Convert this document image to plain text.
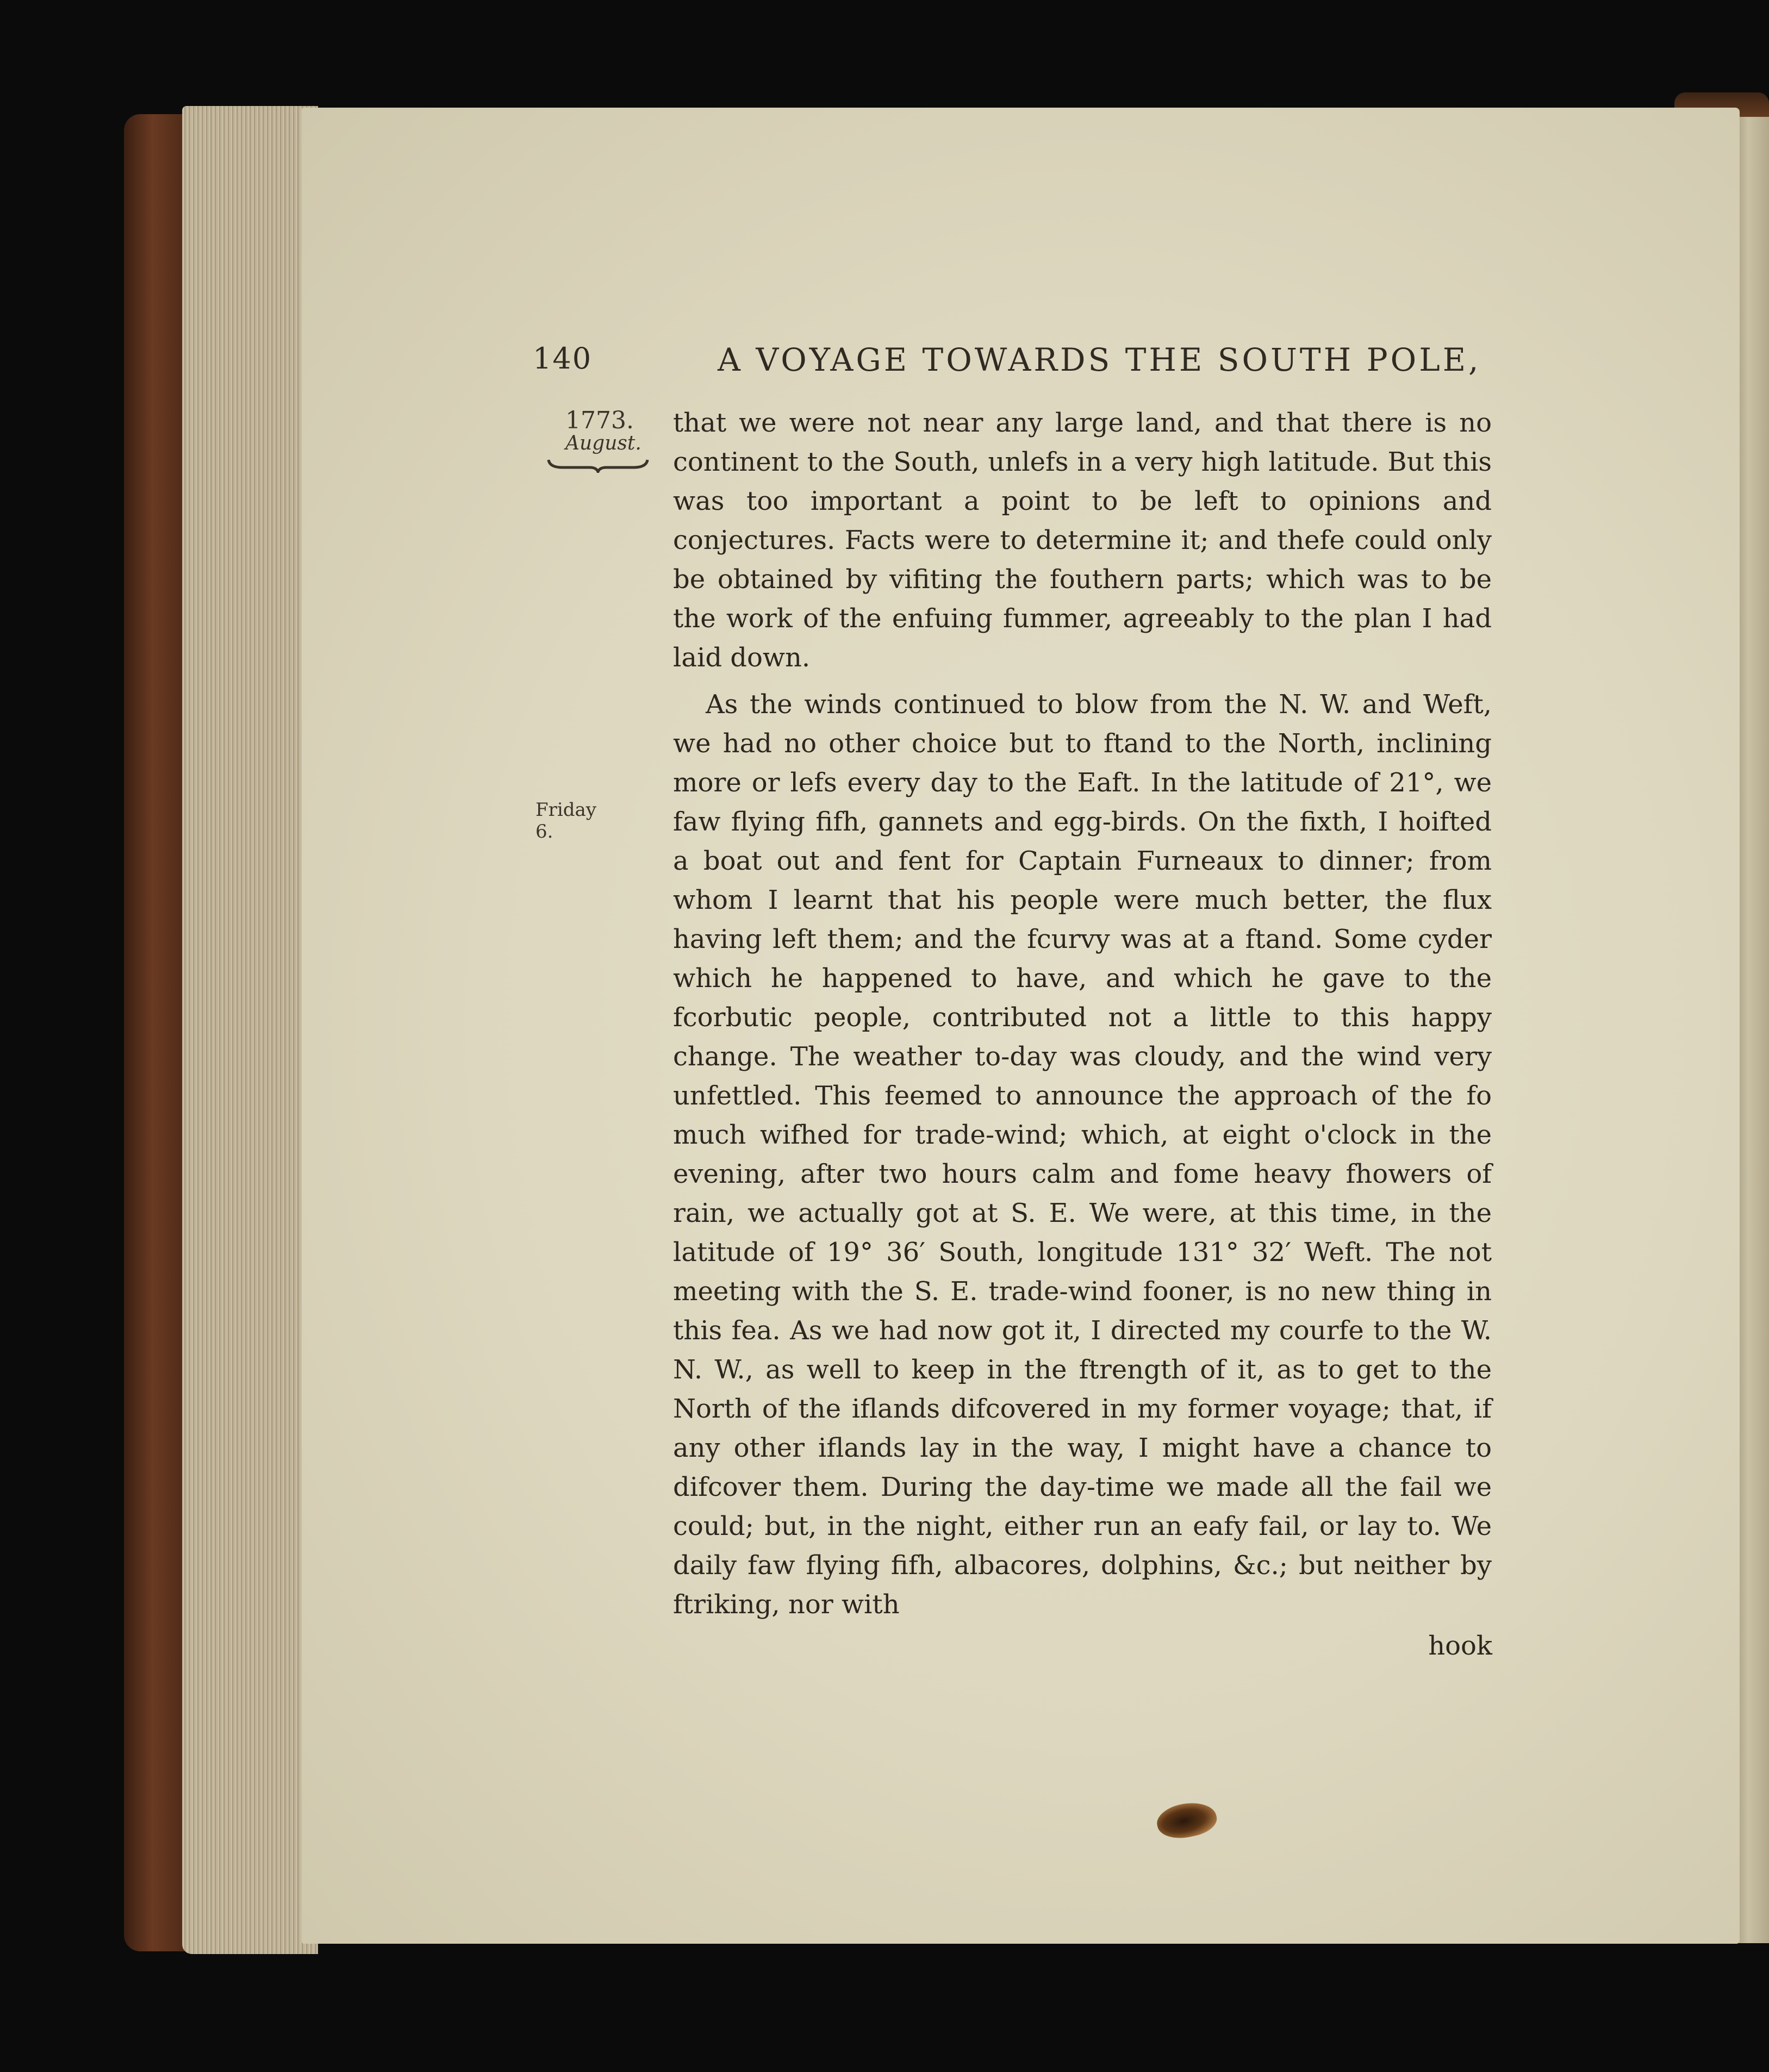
140	A VOYAGE TOWARDS THE SOUTH POLE,
1773.
August.
Friday 6.

that we were not near any large land, and that there is no continent to the South, unlefs in a very high latitude. But this was too important a point to be left to opinions and conjectures. Facts were to determine it; and thefe could only be obtained by vifiting the fouthern parts; which was to be the work of the enfuing fummer, agreeably to the plan I had laid down.

As the winds continued to blow from the N. W. and Weft, we had no other choice but to ftand to the North, inclining more or lefs every day to the Eaft. In the latitude of 21°, we faw flying fifh, gannets and egg-birds. On the fixth, I hoifted a boat out and fent for Captain Furneaux to dinner; from whom I learnt that his people were much better, the flux having left them; and the fcurvy was at a ftand. Some cyder which he happened to have, and which he gave to the fcorbutic people, contributed not a little to this happy change. The weather to-day was cloudy, and the wind very unfettled. This feemed to announce the approach of the fo much wifhed for trade-wind; which, at eight o'clock in the evening, after two hours calm and fome heavy fhowers of rain, we actually got at S. E. We were, at this time, in the latitude of 19° 36′ South, longitude 131° 32′ Weft. The not meeting with the S. E. trade-wind fooner, is no new thing in this fea. As we had now got it, I directed my courfe to the W. N. W., as well to keep in the ftrength of it, as to get to the North of the iflands difcovered in my former voyage; that, if any other iflands lay in the way, I might have a chance to difcover them. During the day-time we made all the fail we could; but, in the night, either run an eafy fail, or lay to. We daily faw flying fifh, albacores, dolphins, &c.; but neither by ftriking, nor with

hook
